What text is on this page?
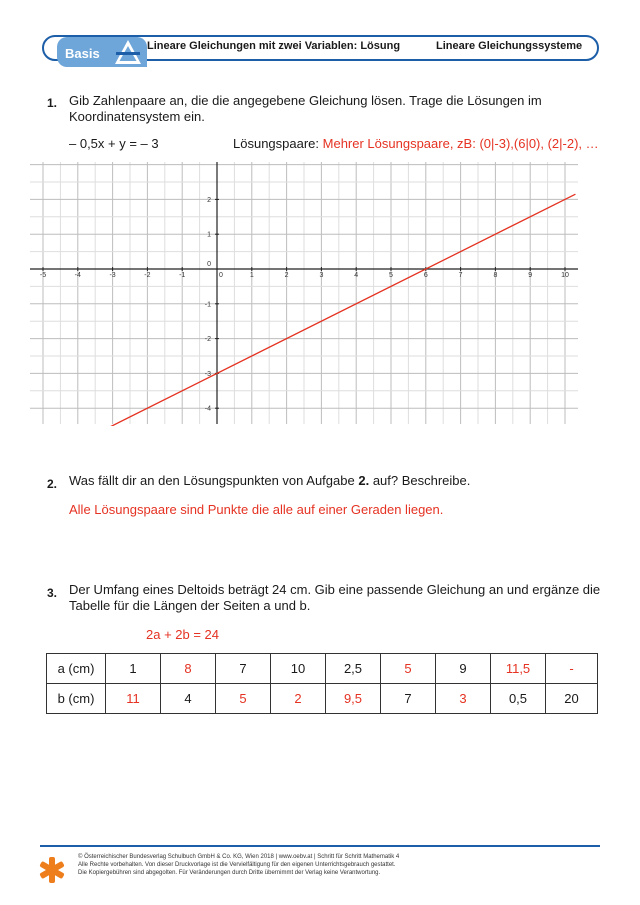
Basis	Lineare Gleichungen mit zwei Variablen: Lösung	Lineare Gleichungssysteme
1. Gib Zahlenpaare an, die die angegebene Gleichung lösen. Trage die Lösungen im
Koordinatensystem ein.
– 0,5x + y = – 3	Lösungspaare: Mehrer Lösungspaare, zB: (0|-3),(6|0), (2|-2), …
-5	-4	-3	-2	-1	0	1	2	3	4	5	6	7	8	9	10
2
1
0
-1
-2
-3
-4
2. Was fällt dir an den Lösungspunkten von Aufgabe 2. auf? Beschreibe.
Alle Lösungspaare sind Punkte die alle auf einer Geraden liegen.
3. Der Umfang eines Deltoids beträgt 24 cm. Gib eine passende Gleichung an und ergänze die
Tabelle für die Längen der Seiten a und b.
2a + 2b = 24
a (cm)	1	8	7	10	2,5	5	9	11,5	-
b (cm)	11	4	5	2	9,5	7	3	0,5	20
© Österreichischer Bundesverlag Schulbuch GmbH & Co. KG, Wien 2018 | www.oebv.at | Schritt für Schritt Mathematik 4
Alle Rechte vorbehalten. Von dieser Druckvorlage ist die Vervielfältigung für den eigenen Unterrichtsgebrauch gestattet.
Die Kopiergebühren sind abgegolten. Für Veränderungen durch Dritte übernimmt der Verlag keine Verantwortung.
